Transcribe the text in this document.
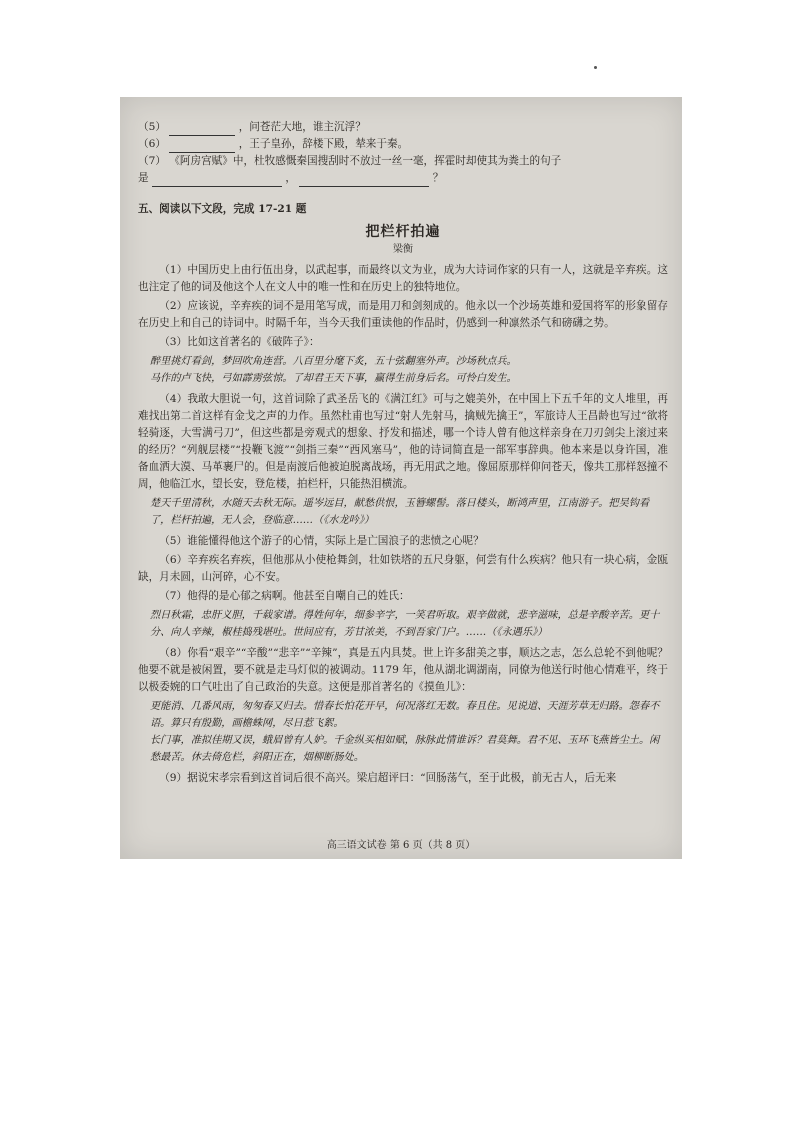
（5）	，问苍茫大地，谁主沉浮？
（6）	，王子皇孙，辞楼下殿，辇来于秦。
（7） 《阿房宫赋》中，杜牧感慨秦国搜刮时不放过一丝一毫，挥霍时却使其为粪土的句子
是	，	？
五、阅读以下文段，完成 17-21 题
把栏杆拍遍
梁衡

（1）中国历史上由行伍出身，以武起事，而最终以文为业，成为大诗词作家的只有一人，这就是辛弃疾。这也注定了他的词及他这个人在文人中的唯一性和在历史上的独特地位。

（2）应该说，辛弃疾的词不是用笔写成，而是用刀和剑刻成的。他永以一个沙场英雄和爱国将军的形象留存在历史上和自己的诗词中。时隔千年，当今天我们重读他的作品时，仍感到一种凛然杀气和磅礴之势。

（3）比如这首著名的《破阵子》：

醉里挑灯看剑，梦回吹角连营。八百里分麾下炙，五十弦翻塞外声。沙场秋点兵。
马作的卢飞快，弓如霹雳弦惊。了却君王天下事，赢得生前身后名。可怜白发生。

（4）我敢大胆说一句，这首词除了武圣岳飞的《满江红》可与之媲美外，在中国上下五千年的文人堆里，再难找出第二首这样有金戈之声的力作。虽然杜甫也写过“射人先射马，擒贼先擒王”，军旅诗人王昌龄也写过“欲将轻骑逐，大雪满弓刀”，但这些都是旁观式的想象、抒发和描述，哪一个诗人曾有他这样亲身在刀刃剑尖上滚过来的经历？“列舰层楼”“投鞭飞渡”“剑指三秦”“西风塞马”，他的诗词简直是一部军事辞典。他本来是以身许国，准备血洒大漠、马革裹尸的。但是南渡后他被迫脱离战场，再无用武之地。像屈原那样仰问苍天，像共工那样怒撞不周，他临江水，望长安，登危楼，拍栏杆，只能热泪横流。

楚天千里清秋，水随天去秋无际。遥岑远目，献愁供恨，玉簪螺髻。落日楼头，断鸿声里，江南游子。把吴钩看了，栏杆拍遍，无人会，登临意……（《水龙吟》）

（5）谁能懂得他这个游子的心情，实际上是亡国浪子的悲愤之心呢？

（6）辛弃疾名弃疾，但他那从小使枪舞剑，壮如铁塔的五尺身躯，何尝有什么疾病？他只有一块心病，金瓯缺，月未圆，山河碎，心不安。

（7）他得的是心郁之病啊。他甚至自嘲自己的姓氏：

烈日秋霜，忠肝义胆，千载家谱。得姓何年，细参辛字，一笑君听取。艰辛做就，悲辛滋味，总是辛酸辛苦。更十分、向人辛辣，椒桂捣残堪吐。世间应有，芳甘浓美，不到吾家门户。……（《永遇乐》）

（8）你看“艰辛”“辛酸”“悲辛”“辛辣”，真是五内具焚。世上许多甜美之事，顺达之志，怎么总轮不到他呢？他要不就是被闲置，要不就是走马灯似的被调动。1179 年，他从湖北调湖南，同僚为他送行时他心情难平，终于以极委婉的口气吐出了自己政治的失意。这便是那首著名的《摸鱼儿》：

更能消、几番风雨，匆匆春又归去。惜春长怕花开早，何况落红无数。春且住。见说道、天涯芳草无归路。怨春不语。算只有殷勤，画檐蛛网，尽日惹飞絮。
长门事，准拟佳期又误，蛾眉曾有人妒。千金纵买相如赋，脉脉此情谁诉？君莫舞。君不见、玉环飞燕皆尘土。闲愁最苦。休去倚危栏，斜阳正在，烟柳断肠处。

（9）据说宋孝宗看到这首词后很不高兴。梁启超评曰：“回肠荡气，至于此极，前无古人，后无来

高三语文试卷 第 6 页（共 8 页）
